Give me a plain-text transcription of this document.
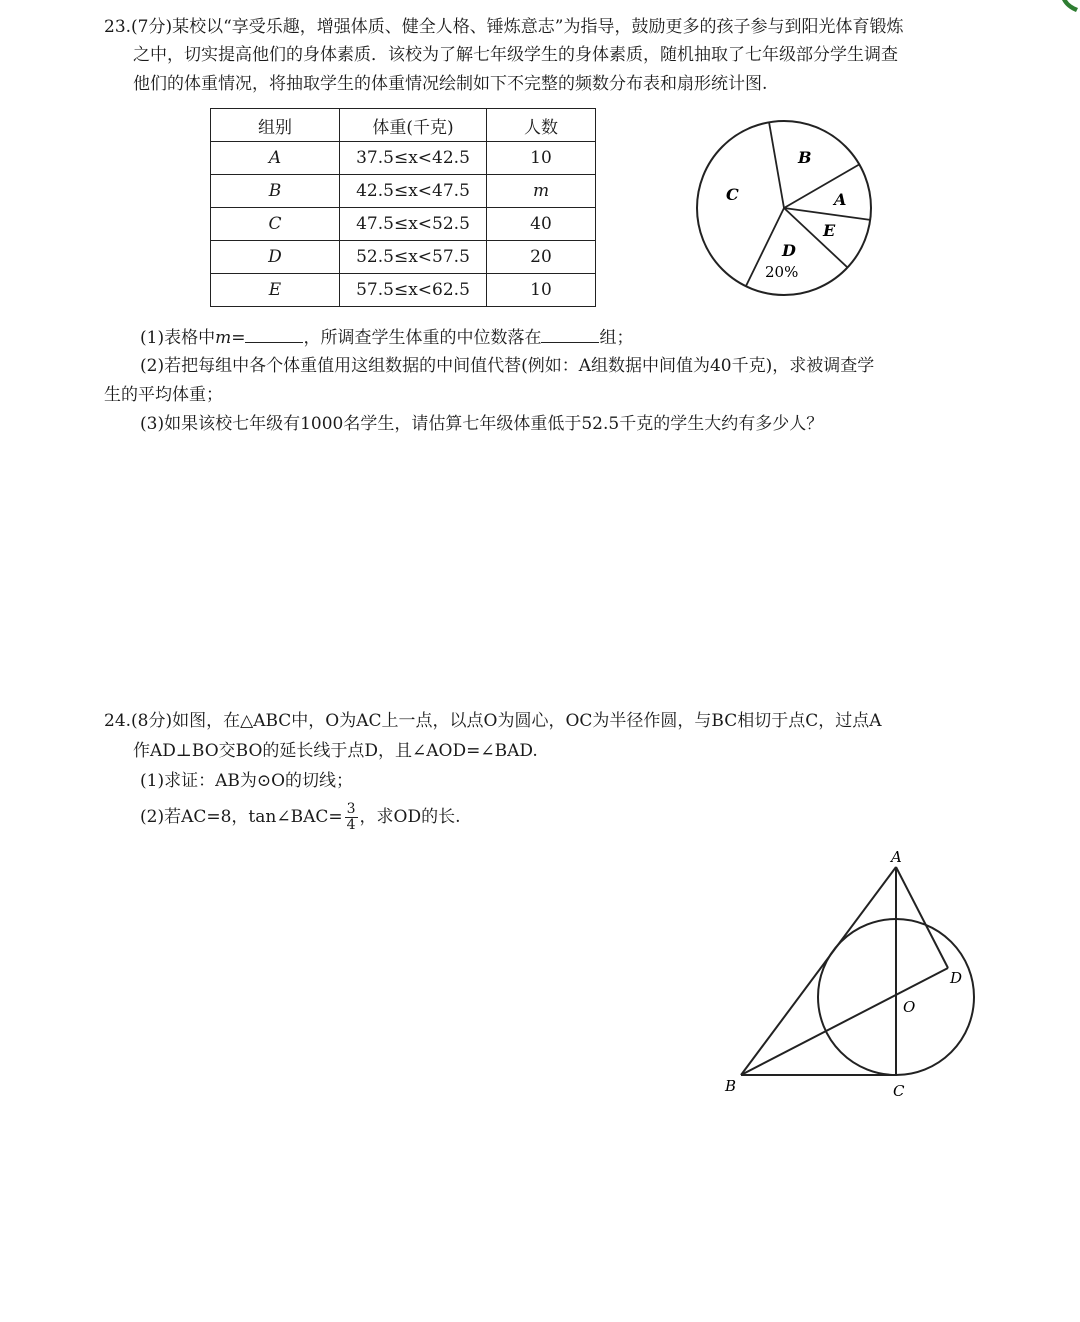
23.(7分)某校以“享受乐趣，增强体质、健全人格、锤炼意志”为指导，鼓励更多的孩子参与到阳光体育锻炼
之中，切实提高他们的身体素质．该校为了解七年级学生的身体素质，随机抽取了七年级部分学生调查
他们的体重情况，将抽取学生的体重情况绘制如下不完整的频数分布表和扇形统计图.
组别	体重(千克)	人数
A	37.5≤x<42.5	10
B	42.5≤x<47.5	m
C	47.5≤x<52.5	40
D	52.5≤x<57.5	20
E	57.5≤x<62.5	10
B
A
C
E
D
20%
(1)表格中m=	，所调查学生体重的中位数落在	组；
(2)若把每组中各个体重值用这组数据的中间值代替(例如：A组数据中间值为40千克)，求被调查学
生的平均体重；
(3)如果该校七年级有1000名学生，请估算七年级体重低于52.5千克的学生大约有多少人？
24.(8分)如图，在△ABC中，O为AC上一点，以点O为圆心，OC为半径作圆，与BC相切于点C，过点A
作AD⊥BO交BO的延长线于点D，且∠AOD=∠BAD.
(1)求证：AB为⊙O的切线；
(2)若AC=8，tan∠BAC= $\frac{3}{4}$ ，求OD的长.
A
B	C
D
O
